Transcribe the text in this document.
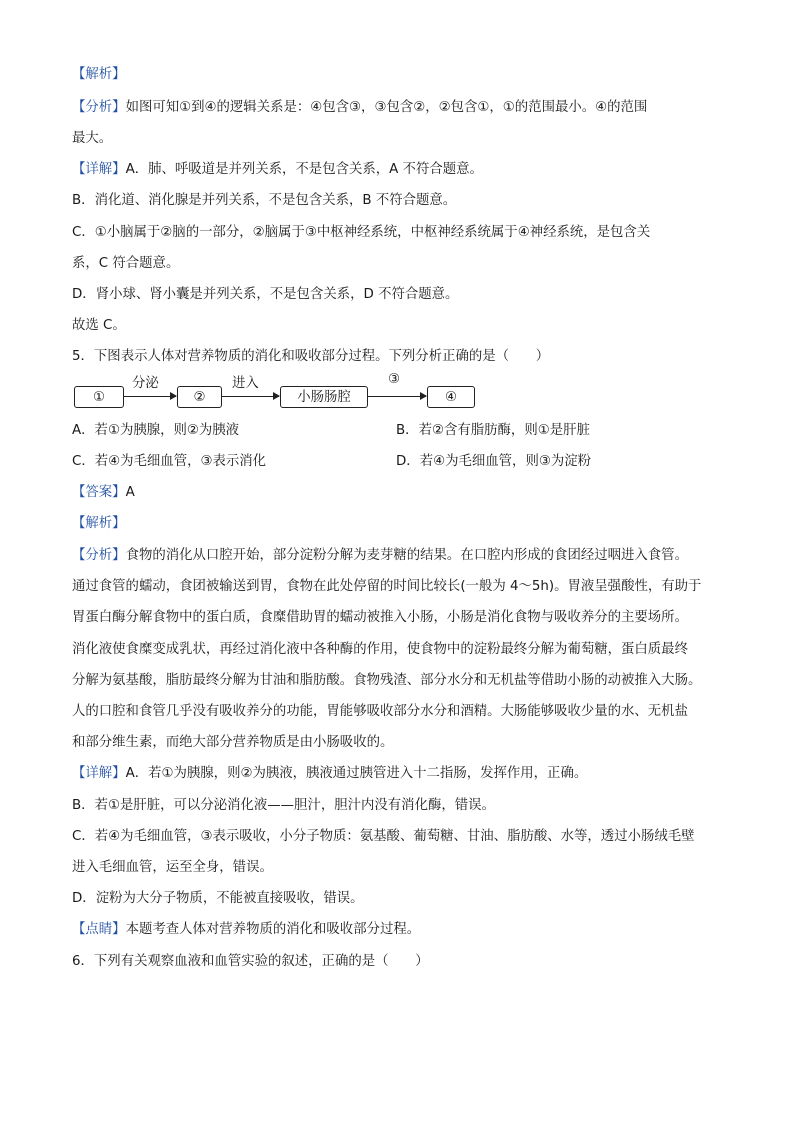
【解析】
【分析】如图可知①到④的逻辑关系是：④包含③，③包含②，②包含①，①的范围最小。④的范围
最大。
【详解】A．肺、呼吸道是并列关系，不是包含关系，A 不符合题意。
B．消化道、消化腺是并列关系，不是包含关系，B 不符合题意。
C．①小脑属于②脑的一部分，②脑属于③中枢神经系统，中枢神经系统属于④神经系统，是包含关
系，C 符合题意。
D．肾小球、肾小囊是并列关系，不是包含关系，D 不符合题意。
故选 C。
5．下图表示人体对营养物质的消化和吸收部分过程。下列分析正确的是（　　）
①
分泌
②
进入
小肠肠腔
③
④
A．若①为胰腺，则②为胰液	B．若②含有脂肪酶，则①是肝脏
C．若④为毛细血管，③表示消化	D．若④为毛细血管，则③为淀粉
【答案】A
【解析】
【分析】食物的消化从口腔开始，部分淀粉分解为麦芽糖的结果。在口腔内形成的食团经过咽进入食管。
通过食管的蠕动，食团被输送到胃，食物在此处停留的时间比较长(一般为 4～5h)。胃液呈强酸性，有助于
胃蛋白酶分解食物中的蛋白质，食糜借助胃的蠕动被推入小肠，小肠是消化食物与吸收养分的主要场所。
消化液使食糜变成乳状，再经过消化液中各种酶的作用，使食物中的淀粉最终分解为葡萄糖，蛋白质最终
分解为氨基酸，脂肪最终分解为甘油和脂肪酸。食物残渣、部分水分和无机盐等借助小肠的动被推入大肠。
人的口腔和食管几乎没有吸收养分的功能，胃能够吸收部分水分和酒精。大肠能够吸收少量的水、无机盐
和部分维生素，而绝大部分营养物质是由小肠吸收的。
【详解】A．若①为胰腺，则②为胰液，胰液通过胰管进入十二指肠，发挥作用，正确。
B．若①是肝脏，可以分泌消化液——胆汁，胆汁内没有消化酶，错误。
C．若④为毛细血管，③表示吸收，小分子物质：氨基酸、葡萄糖、甘油、脂肪酸、水等，透过小肠绒毛壁
进入毛细血管，运至全身，错误。
D．淀粉为大分子物质，不能被直接吸收，错误。
【点睛】本题考查人体对营养物质的消化和吸收部分过程。
6．下列有关观察血液和血管实验的叙述，正确的是（　　）
